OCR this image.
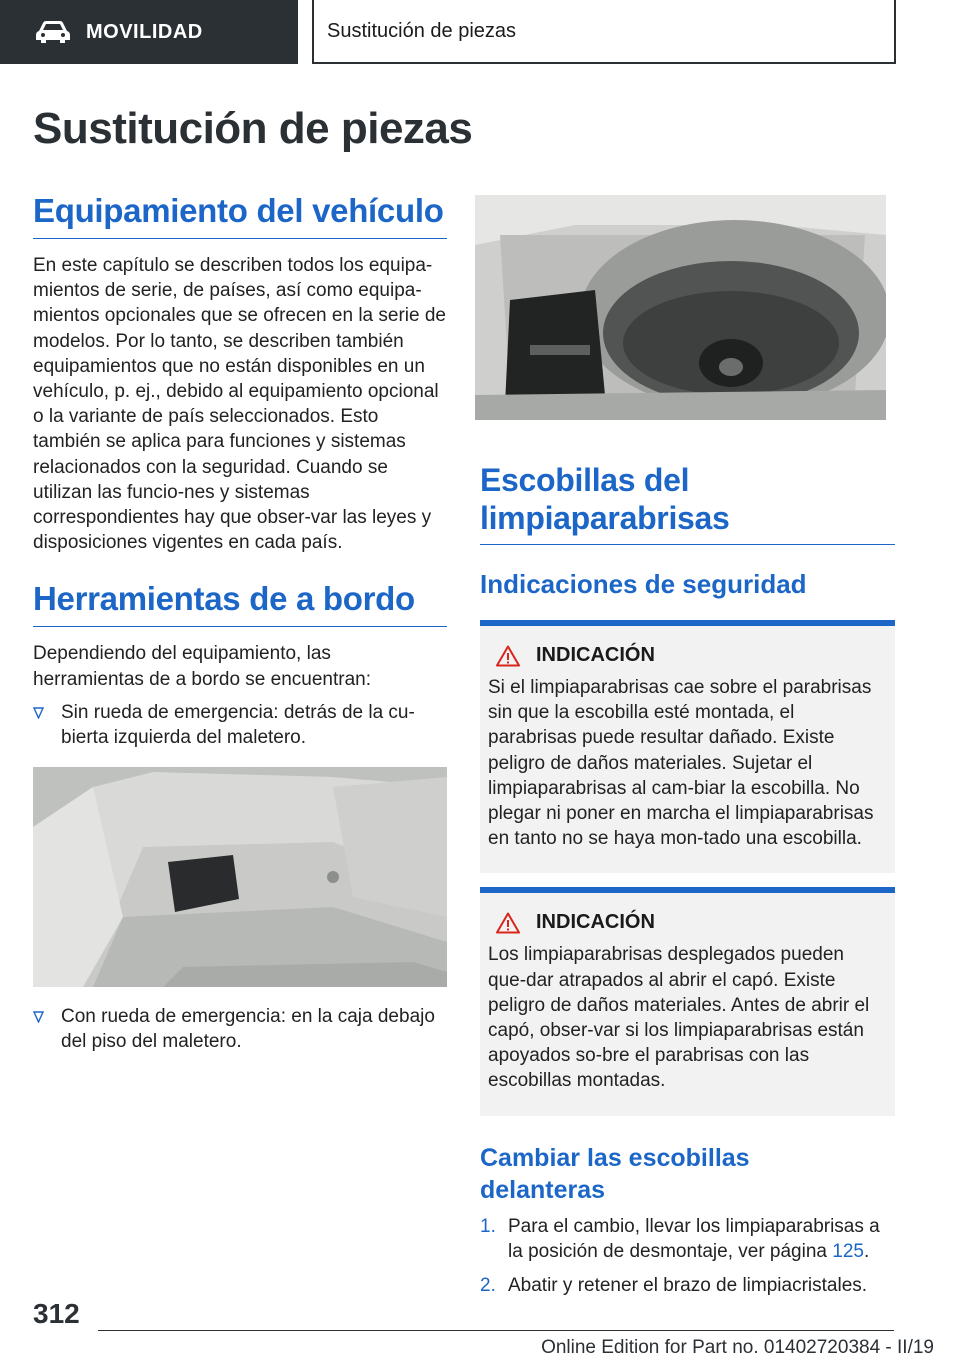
MOVILIDAD	Sustitución de piezas
Sustitución de piezas
Equipamiento del vehículo

En este capítulo se describen todos los equipa-mientos de serie, de países, así como equipa-mientos opcionales que se ofrecen en la serie de modelos. Por lo tanto, se describen también equipamientos que no están disponibles en un vehículo, p. ej., debido al equipamiento opcional o la variante de país seleccionados. Esto también se aplica para funciones y sistemas relacionados con la seguridad. Cuando se utilizan las funcio-nes y sistemas correspondientes hay que obser-var las leyes y disposiciones vigentes en cada país.

Herramientas de a bordo

Dependiendo del equipamiento, las herramientas de a bordo se encuentran:

Sin rueda de emergencia: detrás de la cu-bierta izquierda del maletero.
Con rueda de emergencia: en la caja debajo del piso del maletero.
Escobillas del limpiaparabrisas
Indicaciones de seguridad
INDICACIÓN

Si el limpiaparabrisas cae sobre el parabrisas sin que la escobilla esté montada, el parabrisas puede resultar dañado. Existe peligro de daños materiales. Sujetar el limpiaparabrisas al cam-biar la escobilla. No plegar ni poner en marcha el limpiaparabrisas en tanto no se haya mon-tado una escobilla.

INDICACIÓN

Los limpiaparabrisas desplegados pueden que-dar atrapados al abrir el capó. Existe peligro de daños materiales. Antes de abrir el capó, obser-var si los limpiaparabrisas están apoyados so-bre el parabrisas con las escobillas montadas.

Cambiar las escobillas delanteras
1. Para el cambio, llevar los limpiaparabrisas a la posición de desmontaje, ver página 125.
2. Abatir y retener el brazo de limpiacristales.
312
Online Edition for Part no. 01402720384 - II/19
